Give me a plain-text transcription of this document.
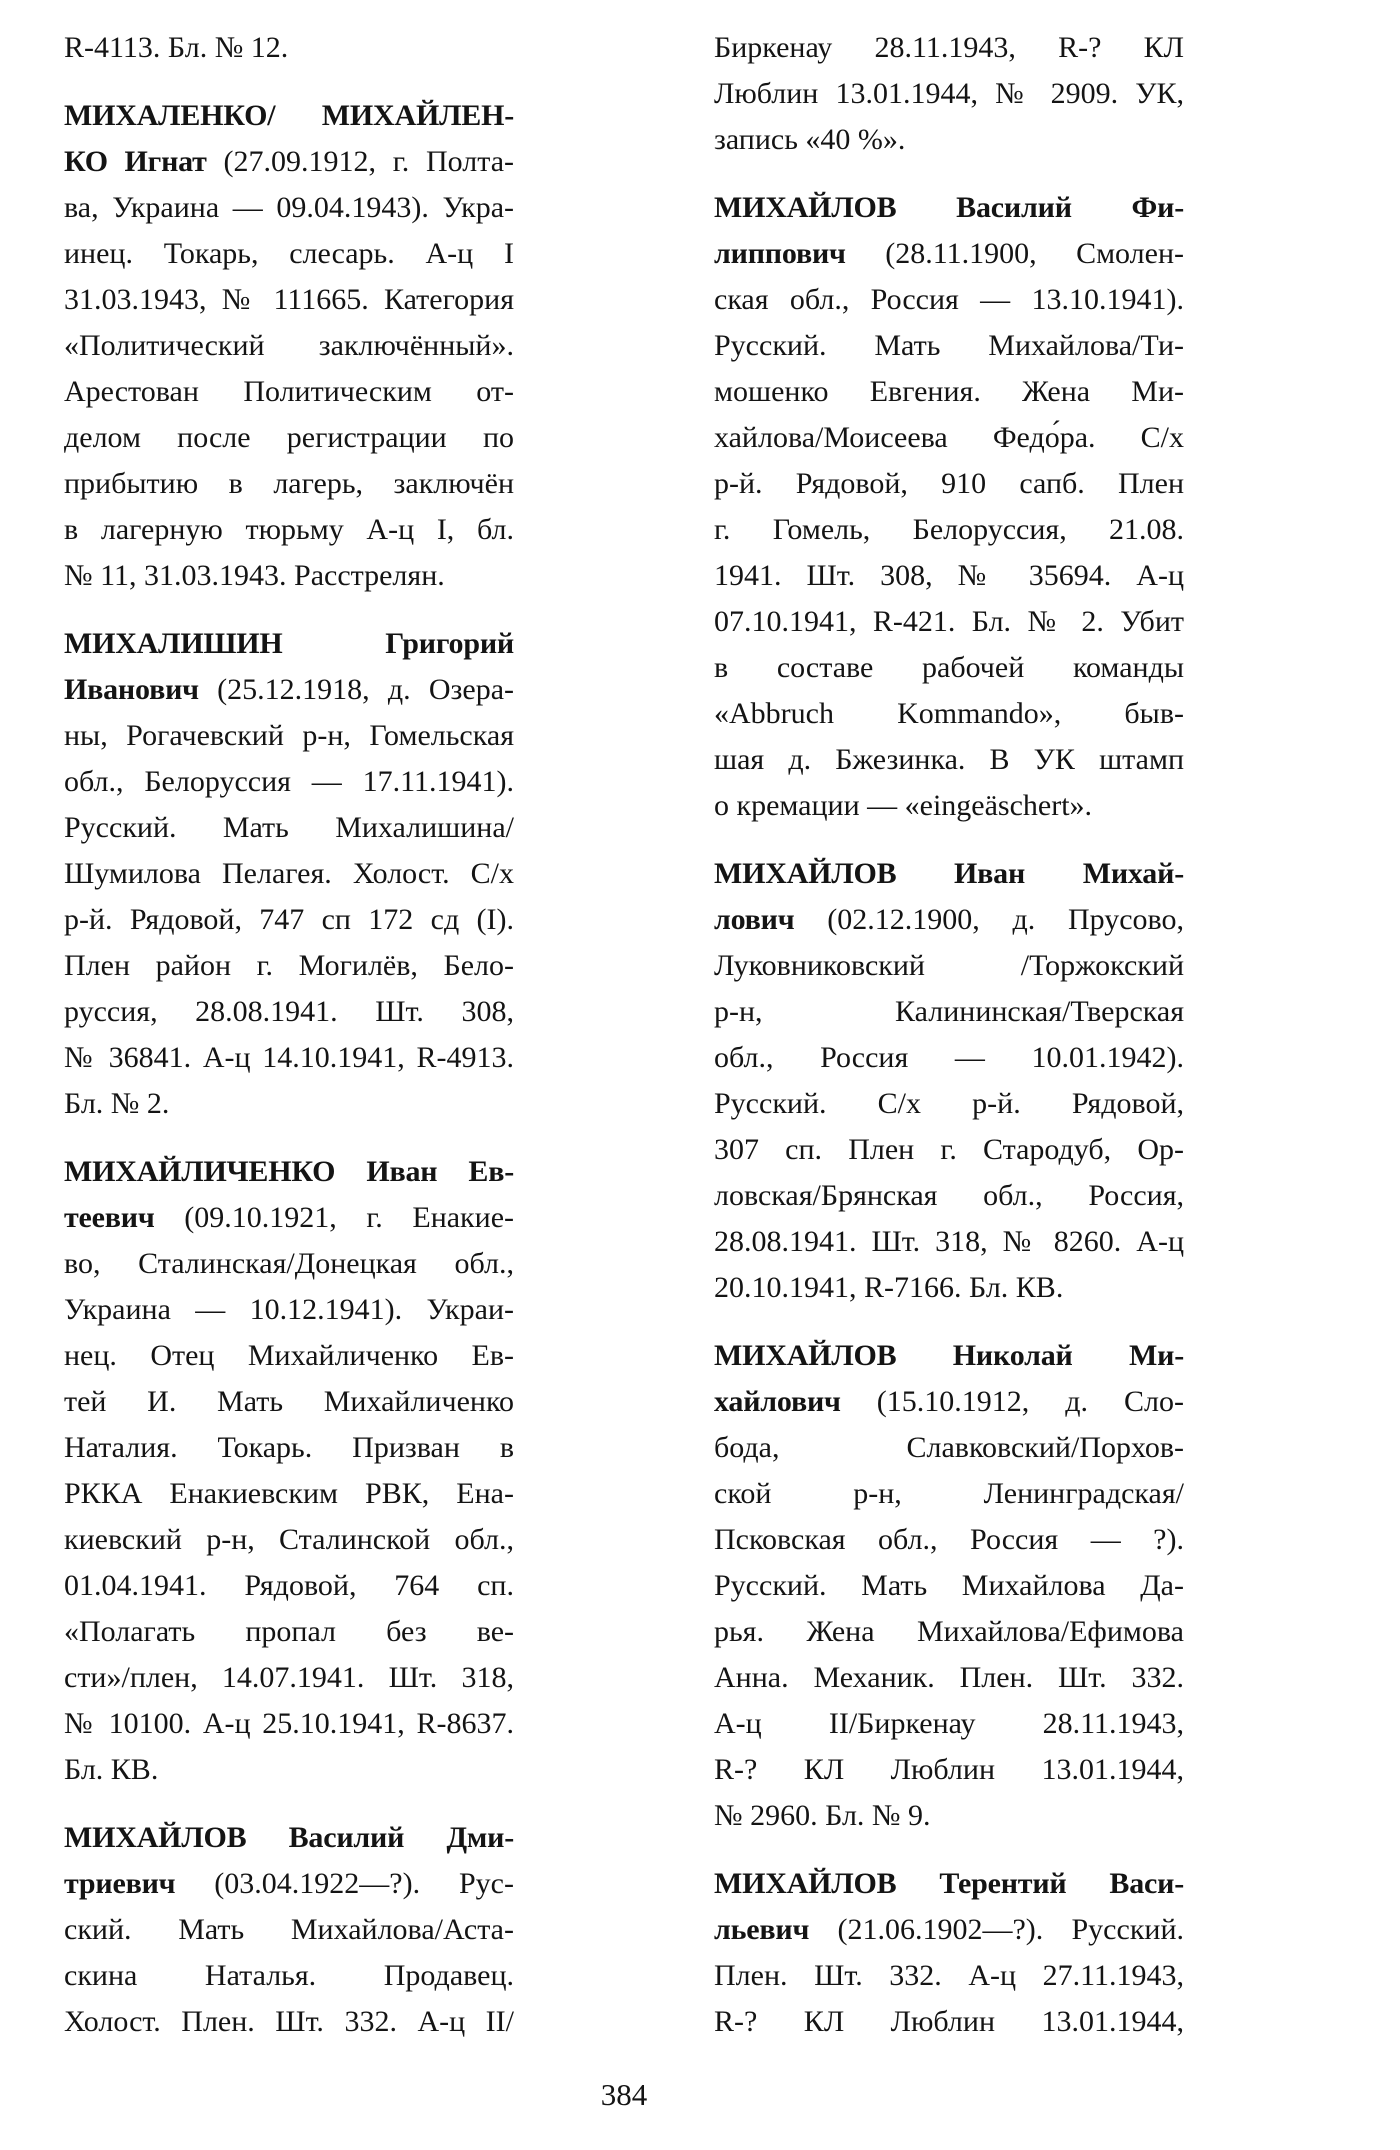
R-4113. Бл. № 12.
МИХАЛЕНКО/ МИХАЙЛЕН-
КО Игнат (27.09.1912, г. Полта-
ва, Украина — 09.04.1943). Укра-
инец. Токарь, слесарь. А-ц I
31.03.1943, № 111665. Категория
«Политический заключённый».
Арестован Политическим от-
делом после регистрации по
прибытию в лагерь, заключён
в лагерную тюрьму А-ц I, бл.
№ 11, 31.03.1943. Расстрелян.
МИХАЛИШИН Григорий
Иванович (25.12.1918, д. Озера-
ны, Рогачевский р-н, Гомельская
обл., Белоруссия — 17.11.1941).
Русский. Мать Михалишина/
Шумилова Пелагея. Холост. С/х
р-й. Рядовой, 747 сп 172 сд (I).
Плен район г. Могилёв, Бело-
руссия, 28.08.1941. Шт. 308,
№ 36841. А-ц 14.10.1941, R-4913.
Бл. № 2.
МИХАЙЛИЧЕНКО Иван Ев-
теевич (09.10.1921, г. Енакие-
во, Сталинская/Донецкая обл.,
Украина — 10.12.1941). Украи-
нец. Отец Михайличенко Ев-
тей И. Мать Михайличенко
Наталия. Токарь. Призван в
РККА Енакиевским РВК, Ена-
киевский р-н, Сталинской обл.,
01.04.1941. Рядовой, 764 сп.
«Полагать пропал без ве-
сти»/плен, 14.07.1941. Шт. 318,
№ 10100. А-ц 25.10.1941, R-8637.
Бл. КВ.
МИХАЙЛОВ Василий Дми-
триевич (03.04.1922—?). Рус-
ский. Мать Михайлова/Аста-
скина Наталья. Продавец.
Холост. Плен. Шт. 332. А-ц II/
Биркенау 28.11.1943, R-? КЛ
Люблин 13.01.1944, № 2909. УК,
запись «40 %».
МИХАЙЛОВ Василий Фи-
липпович (28.11.1900, Смолен-
ская обл., Россия — 13.10.1941).
Русский. Мать Михайлова/Ти-
мошенко Евгения. Жена Ми-
хайлова/Моисеева Федо́ра. С/х
р-й. Рядовой, 910 сапб. Плен
г. Гомель, Белоруссия, 21.08.
1941. Шт. 308, № 35694. А-ц
07.10.1941, R-421. Бл. № 2. Убит
в составе рабочей команды
«Abbruch Kommando», быв-
шая д. Бжезинка. В УК штамп
о кремации — «eingeäschert».
МИХАЙЛОВ Иван Михай-
лович (02.12.1900, д. Прусово,
Луковниковский /Торжокский
р-н, Калининская/Тверская
обл., Россия — 10.01.1942).
Русский. С/х р-й. Рядовой,
307 сп. Плен г. Стародуб, Ор-
ловская/Брянская обл., Россия,
28.08.1941. Шт. 318, № 8260. А-ц
20.10.1941, R-7166. Бл. КВ.
МИХАЙЛОВ Николай Ми-
хайлович (15.10.1912, д. Сло-
бода, Славковский/Порхов-
ской р-н, Ленинградская/
Псковская обл., Россия — ?).
Русский. Мать Михайлова Да-
рья. Жена Михайлова/Ефимова
Анна. Механик. Плен. Шт. 332.
А-ц II/Биркенау 28.11.1943,
R-? КЛ Люблин 13.01.1944,
№ 2960. Бл. № 9.
МИХАЙЛОВ Терентий Васи-
льевич (21.06.1902—?). Русский.
Плен. Шт. 332. А-ц 27.11.1943,
R-? КЛ Люблин 13.01.1944,
384
